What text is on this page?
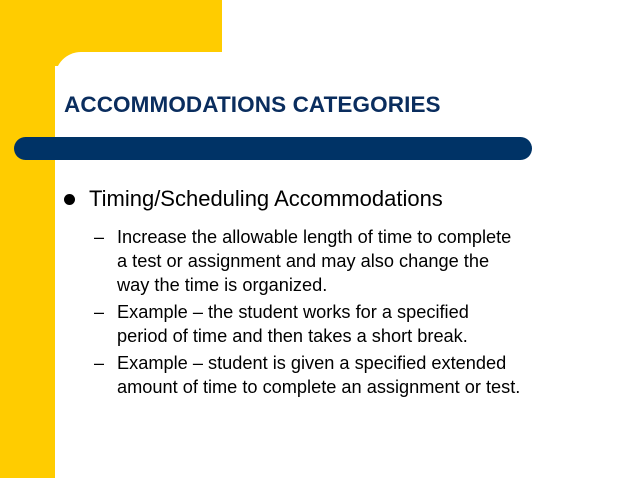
ACCOMMODATIONS CATEGORIES
Timing/Scheduling Accommodations
– Increase the allowable length of time to complete
a test or assignment and may also change the
way the time is organized.
– Example – the student works for a specified
period of time and then takes a short break.
– Example – student is given a specified extended
amount of time to complete an assignment or test.
